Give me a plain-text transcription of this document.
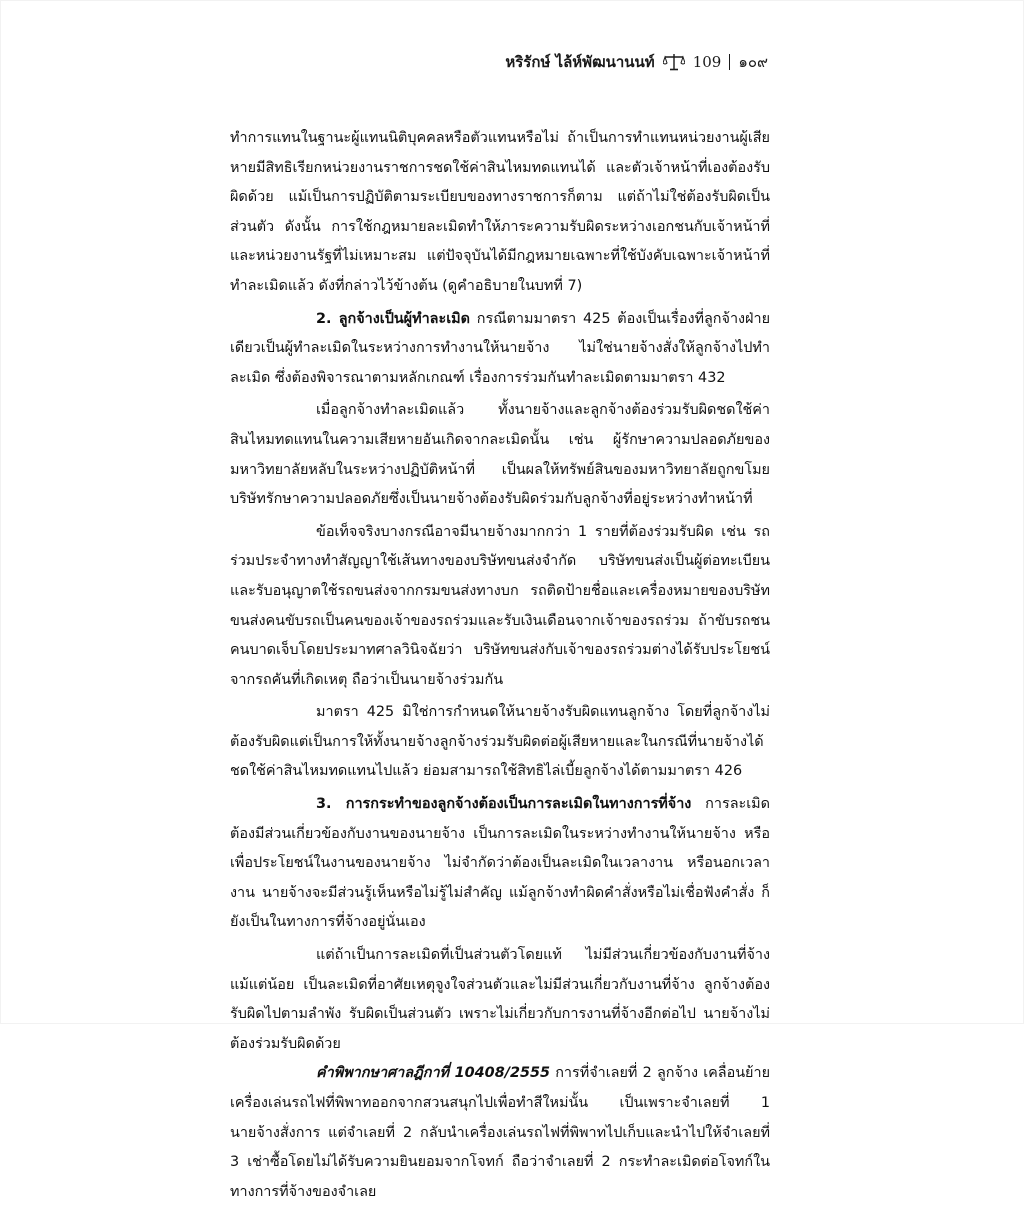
หริรักษ์ ไล้ห์พัฒนานนท์	109 ๑๐๙

ทำการแทนในฐานะผู้แทนนิติบุคคลหรือตัวแทนหรือไม่ ถ้าเป็นการทำแทนหน่วยงานผู้เสียหายมีสิทธิเรียกหน่วยงานราชการชดใช้ค่าสินไหมทดแทนได้ และตัวเจ้าหน้าที่เองต้องรับผิดด้วย แม้เป็นการปฏิบัติตามระเบียบของทางราชการก็ตาม แต่ถ้าไม่ใช่ต้องรับผิดเป็นส่วนตัว ดังนั้น การใช้กฎหมายละเมิดทำให้ภาระความรับผิดระหว่างเอกชนกับเจ้าหน้าที่และหน่วยงานรัฐที่ไม่เหมาะสม แต่ปัจจุบันได้มีกฎหมายเฉพาะที่ใช้บังคับเฉพาะเจ้าหน้าที่ทำละเมิดแล้ว ดังที่กล่าวไว้ข้างต้น (ดูคำอธิบายในบทที่ 7)

2. ลูกจ้างเป็นผู้ทำละเมิด กรณีตามมาตรา 425 ต้องเป็นเรื่องที่ลูกจ้างฝ่ายเดียวเป็นผู้ทำละเมิดในระหว่างการทำงานให้นายจ้าง ไม่ใช่นายจ้างสั่งให้ลูกจ้างไปทำละเมิด ซึ่งต้องพิจารณาตามหลักเกณฑ์ เรื่องการร่วมกันทำละเมิดตามมาตรา 432

เมื่อลูกจ้างทำละเมิดแล้ว ทั้งนายจ้างและลูกจ้างต้องร่วมรับผิดชดใช้ค่าสินไหมทดแทนในความเสียหายอันเกิดจากละเมิดนั้น เช่น ผู้รักษาความปลอดภัยของมหาวิทยาลัยหลับในระหว่างปฏิบัติหน้าที่ เป็นผลให้ทรัพย์สินของมหาวิทยาลัยถูกขโมย บริษัทรักษาความปลอดภัยซึ่งเป็นนายจ้างต้องรับผิดร่วมกับลูกจ้างที่อยู่ระหว่างทำหน้าที่

ข้อเท็จจริงบางกรณีอาจมีนายจ้างมากกว่า 1 รายที่ต้องร่วมรับผิด เช่น รถร่วมประจำทางทำสัญญาใช้เส้นทางของบริษัทขนส่งจำกัด บริษัทขนส่งเป็นผู้ต่อทะเบียนและรับอนุญาตใช้รถขนส่งจากกรมขนส่งทางบก รถติดป้ายชื่อและเครื่องหมายของบริษัทขนส่งคนขับรถเป็นคนของเจ้าของรถร่วมและรับเงินเดือนจากเจ้าของรถร่วม ถ้าขับรถชนคนบาดเจ็บโดยประมาทศาลวินิจฉัยว่า บริษัทขนส่งกับเจ้าของรถร่วมต่างได้รับประโยชน์จากรถคันที่เกิดเหตุ ถือว่าเป็นนายจ้างร่วมกัน

มาตรา 425 มิใช่การกำหนดให้นายจ้างรับผิดแทนลูกจ้าง โดยที่ลูกจ้างไม่ต้องรับผิดแต่เป็นการให้ทั้งนายจ้างลูกจ้างร่วมรับผิดต่อผู้เสียหายและในกรณีที่นายจ้างได้ชดใช้ค่าสินไหมทดแทนไปแล้ว ย่อมสามารถใช้สิทธิไล่เบี้ยลูกจ้างได้ตามมาตรา 426

3. การกระทำของลูกจ้างต้องเป็นการละเมิดในทางการที่จ้าง การละเมิดต้องมีส่วนเกี่ยวข้องกับงานของนายจ้าง เป็นการละเมิดในระหว่างทำงานให้นายจ้าง หรือเพื่อประโยชน์ในงานของนายจ้าง ไม่จำกัดว่าต้องเป็นละเมิดในเวลางาน หรือนอกเวลางาน นายจ้างจะมีส่วนรู้เห็นหรือไม่รู้ไม่สำคัญ แม้ลูกจ้างทำผิดคำสั่งหรือไม่เชื่อฟังคำสั่ง ก็ยังเป็นในทางการที่จ้างอยู่นั่นเอง

แต่ถ้าเป็นการละเมิดที่เป็นส่วนตัวโดยแท้ ไม่มีส่วนเกี่ยวข้องกับงานที่จ้างแม้แต่น้อย เป็นละเมิดที่อาศัยเหตุจูงใจส่วนตัวและไม่มีส่วนเกี่ยวกับงานที่จ้าง ลูกจ้างต้องรับผิดไปตามลำพัง รับผิดเป็นส่วนตัว เพราะไม่เกี่ยวกับการงานที่จ้างอีกต่อไป นายจ้างไม่ต้องร่วมรับผิดด้วย

คำพิพากษาศาลฎีกาที่ 10408/2555 การที่จำเลยที่ 2 ลูกจ้าง เคลื่อนย้ายเครื่องเล่นรถไฟที่พิพาทออกจากสวนสนุกไปเพื่อทำสีใหม่นั้น เป็นเพราะจำเลยที่ 1 นายจ้างสั่งการ แต่จำเลยที่ 2 กลับนำเครื่องเล่นรถไฟที่พิพาทไปเก็บและนำไปให้จำเลยที่ 3 เช่าซื้อโดยไม่ได้รับความยินยอมจากโจทก์ ถือว่าจำเลยที่ 2 กระทำละเมิดต่อโจทก์ในทางการที่จ้างของจำเลย
